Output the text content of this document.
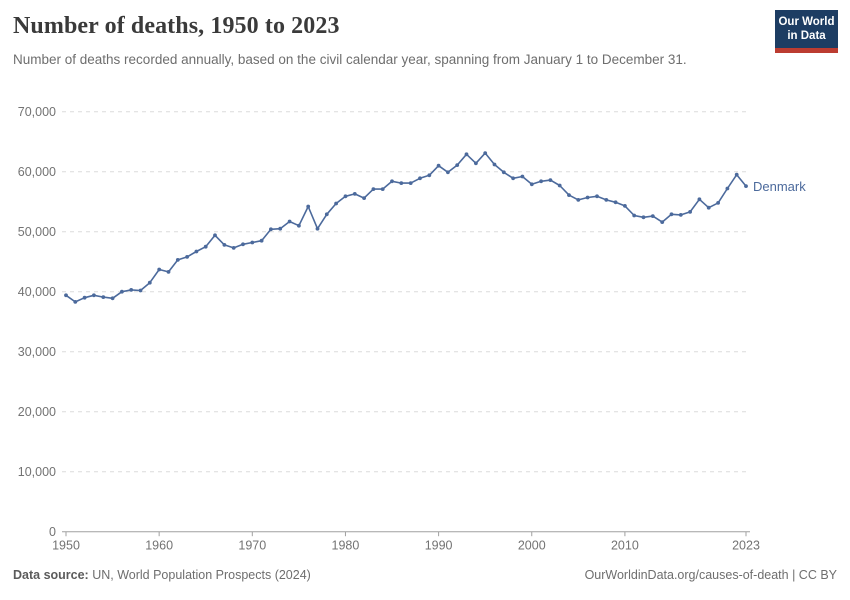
Number of deaths, 1950 to 2023	Our World
in Data

Number of deaths recorded annually, based on the civil calendar year, spanning from January 1 to December 31.

0
10,000
20,000
30,000
40,000
50,000
60,000
70,000
1950	1960	1970	1980	1990	2000	2010	2023
Denmark
Data source: UN, World Population Prospects (2024)	OurWorldinData.org/causes-of-death | CC BY
